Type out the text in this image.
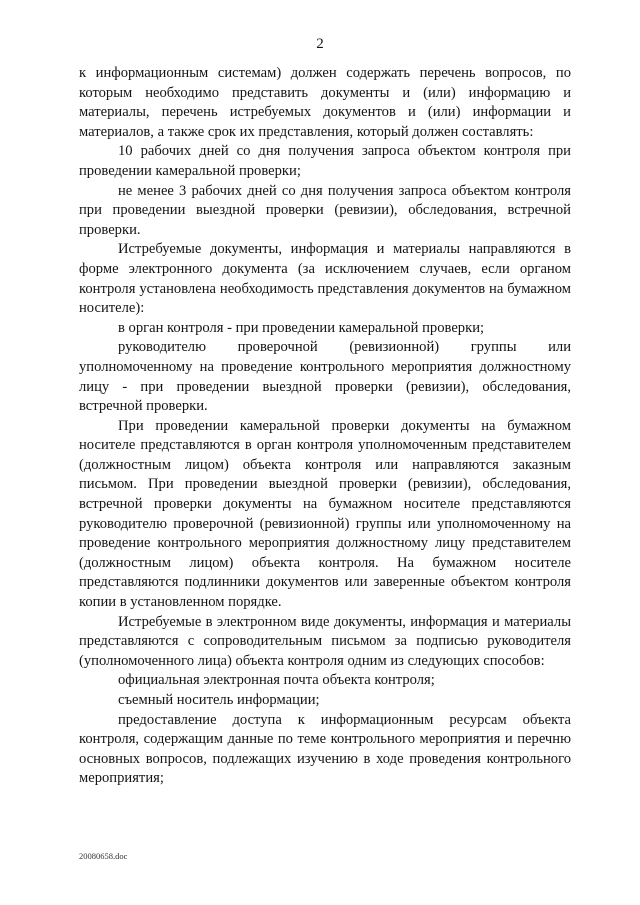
2

к информационным системам) должен содержать перечень вопросов, по которым необходимо представить документы и (или) информацию и материалы, перечень истребуемых документов и (или) информации и материалов, а также срок их представления, который должен составлять:

10 рабочих дней со дня получения запроса объектом контроля при проведении камеральной проверки;

не менее 3 рабочих дней со дня получения запроса объектом контроля при проведении выездной проверки (ревизии), обследования, встречной проверки.

Истребуемые документы, информация и материалы направляются в форме электронного документа (за исключением случаев, если органом контроля установлена необходимость представления документов на бумажном носителе):

в орган контроля - при проведении камеральной проверки;

руководителю проверочной (ревизионной) группы или уполномоченному на проведение контрольного мероприятия должностному лицу - при проведении выездной проверки (ревизии), обследования, встречной проверки.

При проведении камеральной проверки документы на бумажном носителе представляются в орган контроля уполномоченным представителем (должностным лицом) объекта контроля или направляются заказным письмом. При проведении выездной проверки (ревизии), обследования, встречной проверки документы на бумажном носителе представляются руководителю проверочной (ревизионной) группы или уполномоченному на проведение контрольного мероприятия должностному лицу представителем (должностным лицом) объекта контроля. На бумажном носителе представляются подлинники документов или заверенные объектом контроля копии в установленном порядке.

Истребуемые в электронном виде документы, информация и материалы представляются с сопроводительным письмом за подписью руководителя (уполномоченного лица) объекта контроля одним из следующих способов:

официальная электронная почта объекта контроля;

съемный носитель информации;

предоставление доступа к информационным ресурсам объекта контроля, содержащим данные по теме контрольного мероприятия и перечню основных вопросов, подлежащих изучению в ходе проведения контрольного мероприятия;

20080658.doc
